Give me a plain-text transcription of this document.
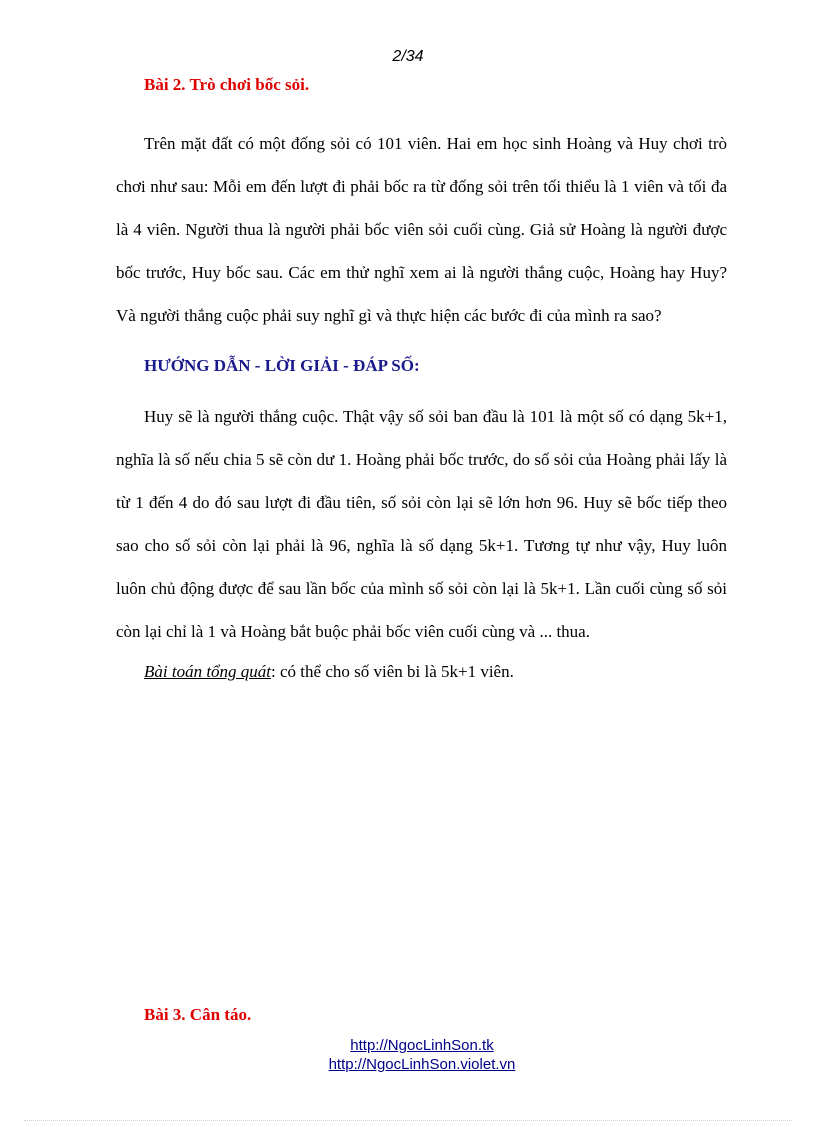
2/34
Bài 2. Trò chơi bốc sỏi.

Trên mặt đất có một đống sỏi có 101 viên. Hai em học sinh Hoàng và Huy chơi trò chơi như sau: Mỗi em đến lượt đi phải bốc ra từ đống sỏi trên tối thiểu là 1 viên và tối đa là 4 viên. Người thua là người phải bốc viên sỏi cuối cùng. Giả sử Hoàng là người được bốc trước, Huy bốc sau. Các em thử nghĩ xem ai là người thắng cuộc, Hoàng hay Huy? Và người thắng cuộc phải suy nghĩ gì và thực hiện các bước đi của mình ra sao?

HƯỚNG DẪN - LỜI GIẢI - ĐÁP SỐ:

Huy sẽ là người thắng cuộc. Thật vậy số sỏi ban đầu là 101 là một số có dạng 5k+1, nghĩa là số nếu chia 5 sẽ còn dư 1. Hoàng phải bốc trước, do số sỏi của Hoàng phải lấy là từ 1 đến 4 do đó sau lượt đi đầu tiên, số sỏi còn lại sẽ lớn hơn 96. Huy sẽ bốc tiếp theo sao cho số sỏi còn lại phải là 96, nghĩa là số dạng 5k+1. Tương tự như vậy, Huy luôn luôn chủ động được để sau lần bốc của mình số sỏi còn lại là 5k+1. Lần cuối cùng số sỏi còn lại chỉ là 1 và Hoàng bắt buộc phải bốc viên cuối cùng và ... thua.

Bài toán tổng quát: có thể cho số viên bi là 5k+1 viên.

Bài 3. Cân táo.
http://NgocLinhSon.tk
http://NgocLinhSon.violet.vn
